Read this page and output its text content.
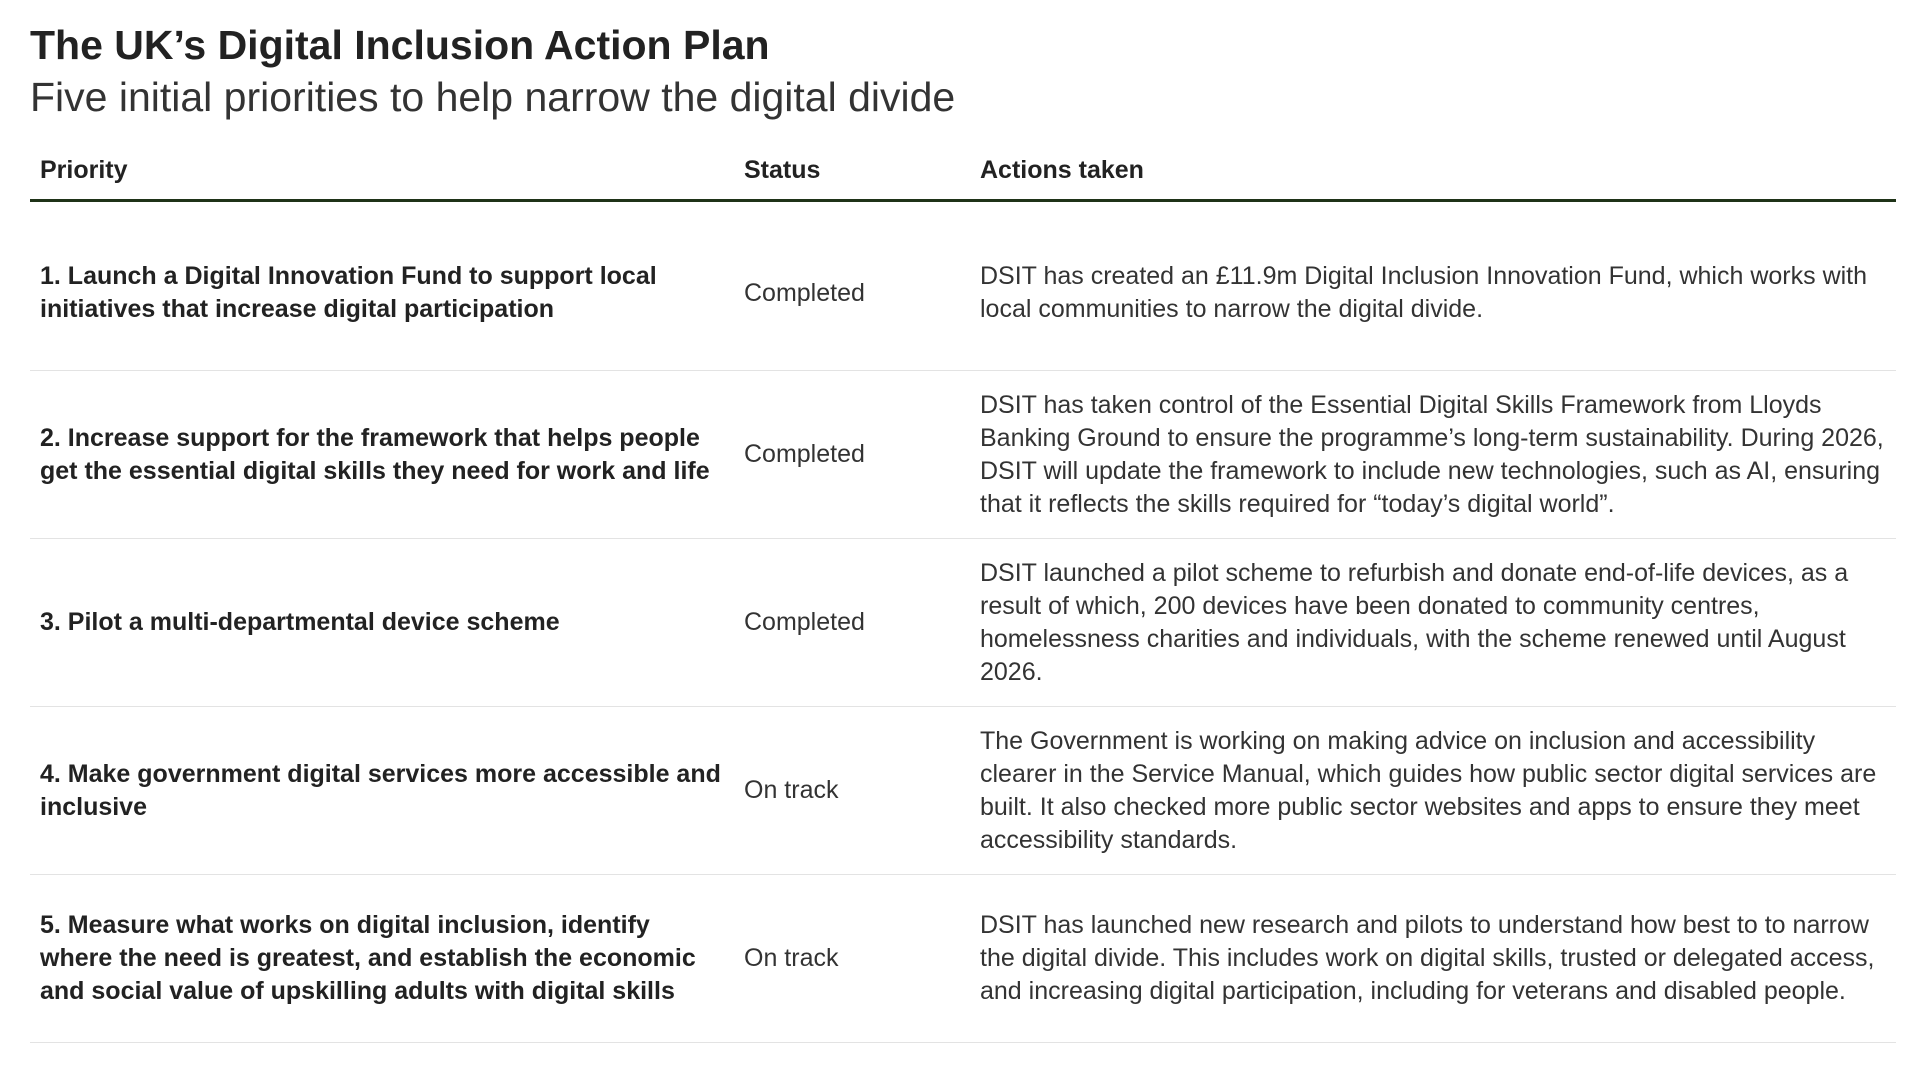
The UK’s Digital Inclusion Action Plan
Five initial priorities to help narrow the digital divide
Priority	Status	Actions taken
1. Launch a Digital Innovation Fund to support local initiatives that increase digital participation	Completed	DSIT has created an £11.9m Digital Inclusion Innovation Fund, which works with local communities to narrow the digital divide.
2. Increase support for the framework that helps people get the essential digital skills they need for work and life	Completed	DSIT has taken control of the Essential Digital Skills Framework from Lloyds Banking Ground to ensure the programme’s long-term sustainability. During 2026, DSIT will update the framework to include new technologies, such as AI, ensuring that it reflects the skills required for “today’s digital world”.
3. Pilot a multi-departmental device scheme	Completed	DSIT launched a pilot scheme to refurbish and donate end-of-life devices, as a result of which, 200 devices have been donated to community centres, homelessness charities and individuals, with the scheme renewed until August 2026.
4. Make government digital services more accessible and inclusive	On track	The Government is working on making advice on inclusion and accessibility clearer in the Service Manual, which guides how public sector digital services are built. It also checked more public sector websites and apps to ensure they meet accessibility standards.
5. Measure what works on digital inclusion, identify where the need is greatest, and establish the economic and social value of upskilling adults with digital skills	On track	DSIT has launched new research and pilots to understand how best to to narrow the digital divide. This includes work on digital skills, trusted or delegated access, and increasing digital participation, including for veterans and disabled people.
